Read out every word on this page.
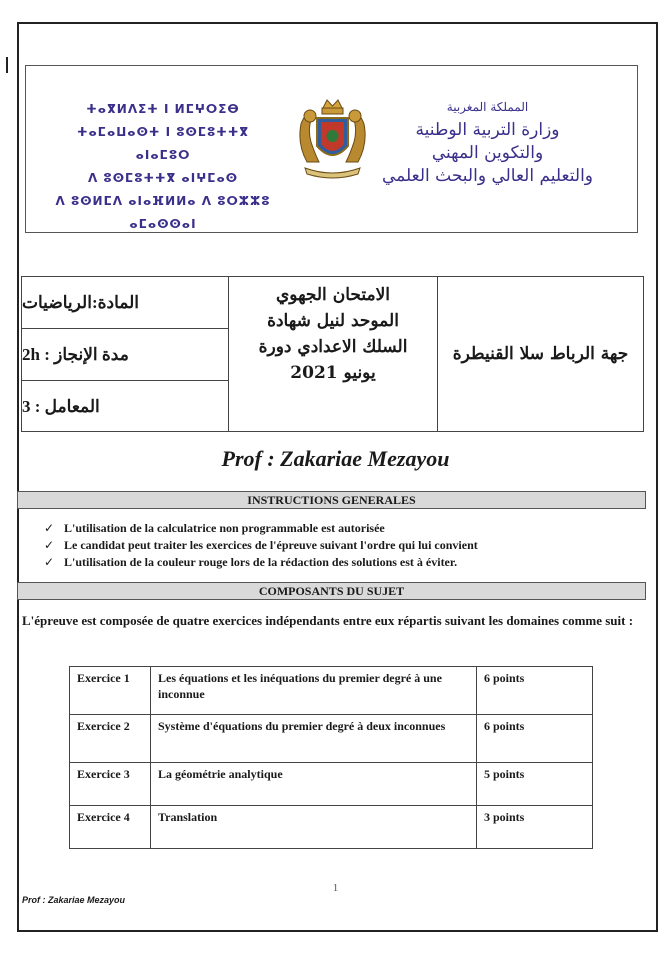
ⵜⴰⴳⵍⴷⵉⵜ ⵏ ⵍⵎⵖⵔⵉⴱ
ⵜⴰⵎⴰⵡⴰⵙⵜ ⵏ ⵓⵙⵎⵓⵜⵜⴳ ⴰⵏⴰⵎⵓⵔ
ⴷ ⵓⵙⵎⵓⵜⵜⴳ ⴰⵏⵖⵎⴰⵙ
ⴷ ⵓⵙⵍⵎⴷ ⴰⵏⴰⴼⵍⵍⴰ ⴷ ⵓⵔⵣⵣⵓ ⴰⵎⴰⵙⵙⴰⵏ
المملكة المغربية
وزارة التربية الوطنية
والتكوين المهني
والتعليم العالي والبحث العلمي
المادة:الرياضيات
مدة الإنجاز : 2h
المعامل : 3
الامتحان الجهوي
الموحد لنيل شهادة
السلك الاعدادي دورة
يونيو 2021
جهة الرباط سلا القنيطرة
Prof : Zakariae Mezayou
INSTRUCTIONS GENERALES
✓ L'utilisation de la calculatrice non programmable est autorisée
✓ Le candidat peut traiter les exercices de l'épreuve suivant l'ordre qui lui convient
✓ L'utilisation de la couleur rouge lors de la rédaction des solutions est à éviter.
COMPOSANTS DU SUJET
L'épreuve est composée de quatre exercices indépendants entre eux répartis suivant les domaines comme suit :
Exercice 1	Les équations et les inéquations du premier degré à une inconnue	6 points
Exercice 2	Système d'équations du premier degré à deux inconnues	6 points
Exercice 3	La géométrie analytique	5 points
Exercice 4	Translation	3 points
1
Prof : Zakariae Mezayou
